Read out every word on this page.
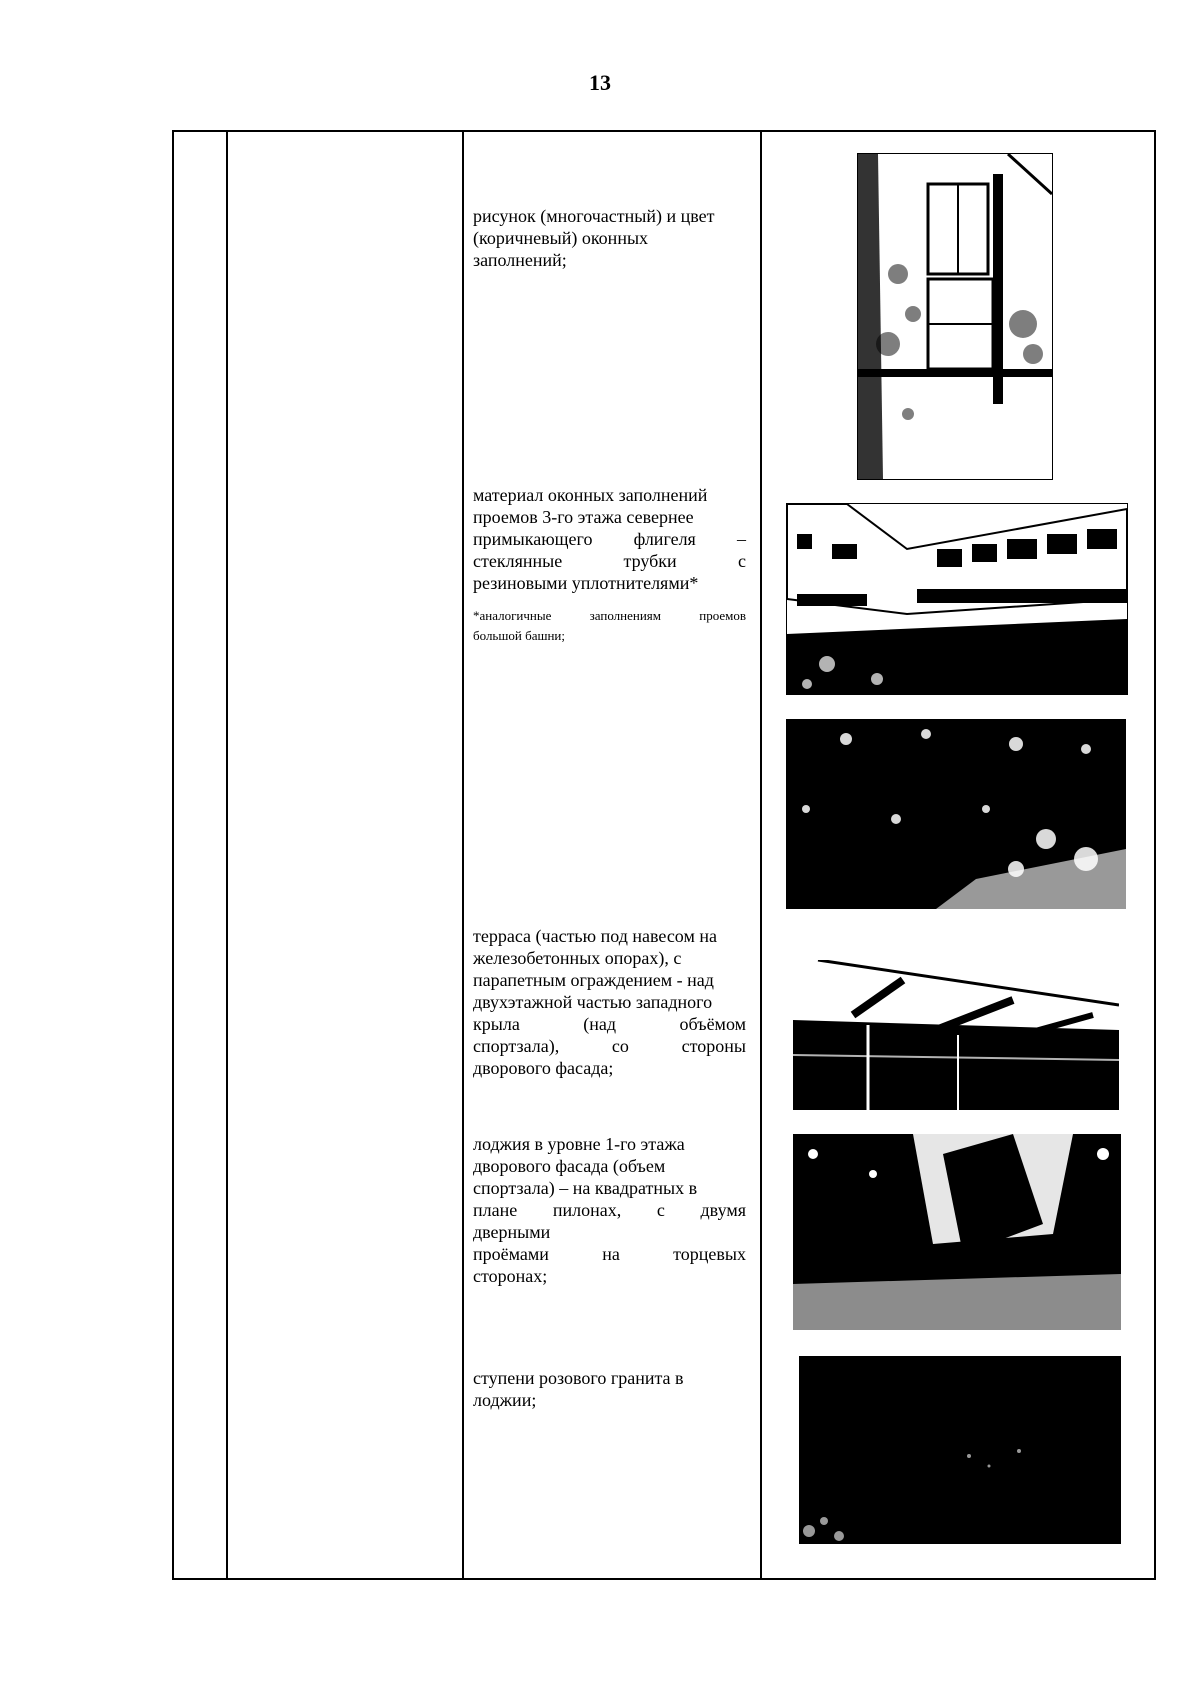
13

рисунок (многочастный) и цвет

(коричневый) оконных

заполнений;

материал оконных заполнений

проемов 3-го этажа севернее

примыкающего флигеля –

стеклянные трубки с

резиновыми уплотнителями*

*аналогичные заполнениям проемов

большой башни;

терраса (частью под навесом на

железобетонных опорах), с

парапетным ограждением - над

двухэтажной частью западного

крыла (над объёмом

спортзала), со стороны

дворового фасада;

лоджия в уровне 1-го этажа

дворового фасада (объем

спортзала) – на квадратных в

плане пилонах, с двумя

дверными

проёмами на торцевых

сторонах;

ступени розового гранита в

лоджии;
